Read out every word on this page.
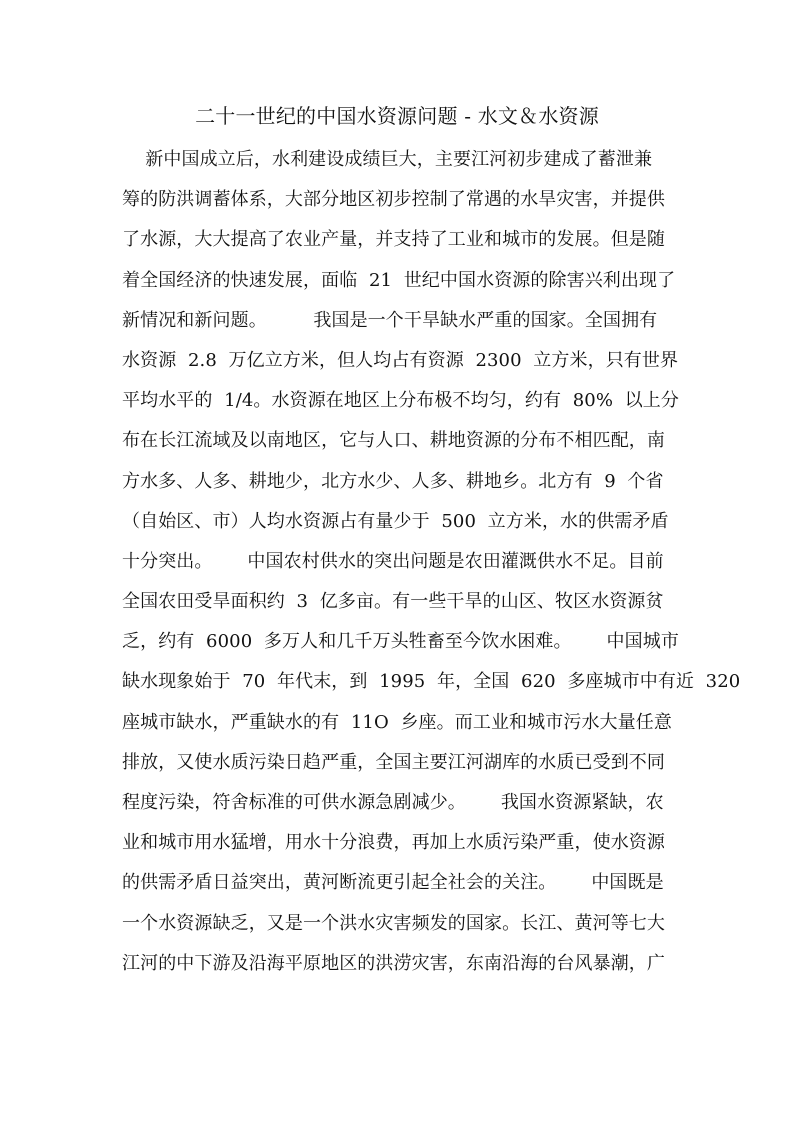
二十一世纪的中国水资源问题 - 水文＆水资源
新中国成立后，水利建设成绩巨大，主要江河初步建成了蓄泄兼
筹的防洪调蓄体系，大部分地区初步控制了常遇的水旱灾害，并提供
了水源，大大提高了农业产量，并支持了工业和城市的发展。但是随
着全国经济的快速发展，面临  21  世纪中国水资源的除害兴利出现了
新情况和新问题。        我国是一个干旱缺水严重的国家。全国拥有
水资源  2.8  万亿立方米，但人均占有资源  2300  立方米，只有世界
平均水平的  1/4。水资源在地区上分布极不均匀，约有  80%  以上分
布在长江流域及以南地区，它与人口、耕地资源的分布不相匹配，南
方水多、人多、耕地少，北方水少、人多、耕地乡。北方有  9  个省
（自始区、市）人均水资源占有量少于  500  立方米，水的供需矛盾
十分突出。      中国农村供水的突出问题是农田灌溉供水不足。目前
全国农田受旱面积约  3  亿多亩。有一些干旱的山区、牧区水资源贫
乏，约有  6000  多万人和几千万头牲畜至今饮水困难。      中国城市
缺水现象始于  70  年代末，到  1995  年，全国  620  多座城市中有近  320
座城市缺水，严重缺水的有  11O  乡座。而工业和城市污水大量任意
排放，又使水质污染日趋严重，全国主要江河湖库的水质已受到不同
程度污染，符舍标准的可供水源急剧减少。      我国水资源紧缺，农
业和城市用水猛增，用水十分浪费，再加上水质污染严重，使水资源
的供需矛盾日益突出，黄河断流更引起全社会的关注。      中国既是
一个水资源缺乏，又是一个洪水灾害频发的国家。长江、黄河等七大
江河的中下游及沿海平原地区的洪涝灾害，东南沿海的台风暴潮，广
